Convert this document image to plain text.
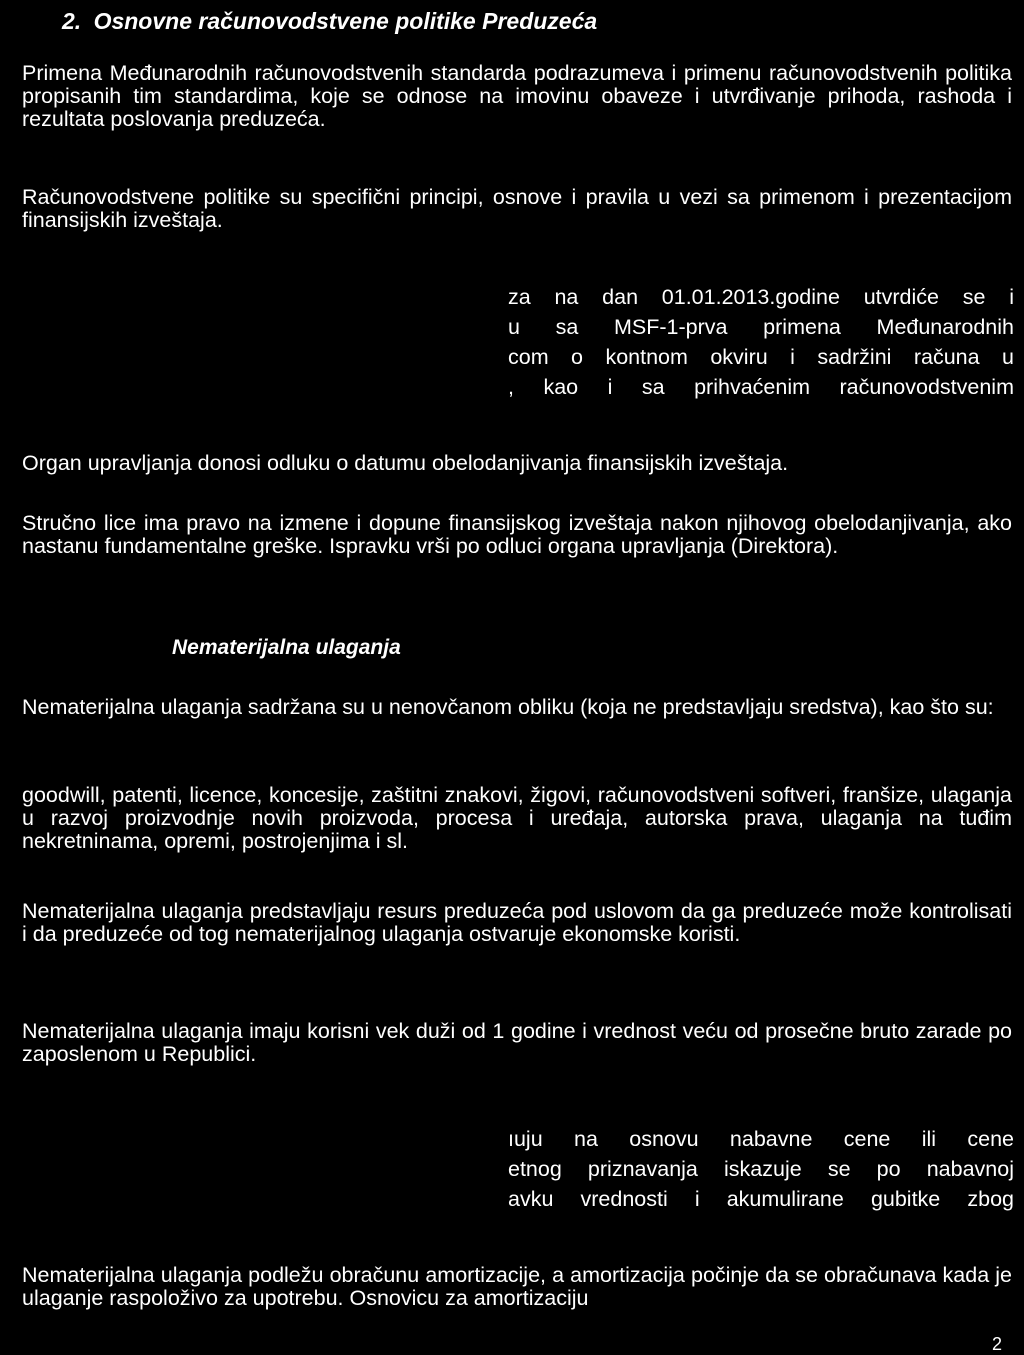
2. Osnovne računovodstvene politike Preduzeća
Primena Međunarodnih računovodstvenih standarda podrazumeva i primenu računovodstvenih politika propisanih tim standardima, koje se odnose na imovinu obaveze i utvrđivanje prihoda, rashoda i rezultata poslovanja preduzeća.
Računovodstvene politike su specifični principi, osnove i pravila u vezi sa primenom i prezentacijom finansijskih izveštaja.
za na dan 01.01.2013.godine utvrdiće se i
u sa MSF-1-prva primena Međunarodnih
com o kontnom okviru i sadržini računa u
, kao i sa prihvaćenim računovodstvenim
Organ upravljanja donosi odluku o datumu obelodanjivanja finansijskih izveštaja.
Stručno lice ima pravo na izmene i dopune finansijskog izveštaja nakon njihovog obelodanjivanja, ako nastanu fundamentalne greške. Ispravku vrši po odluci organa upravljanja (Direktora).
Nematerijalna ulaganja
Nematerijalna ulaganja sadržana su u nenovčanom obliku (koja ne predstavljaju sredstva), kao što su:
goodwill, patenti, licence, koncesije, zaštitni znakovi, žigovi, računovodstveni softveri, franšize, ulaganja u razvoj proizvodnje novih proizvoda, procesa i uređaja, autorska prava, ulaganja na tuđim nekretninama, opremi, postrojenjima i sl.
Nematerijalna ulaganja predstavljaju resurs preduzeća pod uslovom da ga preduzeće može kontrolisati i da preduzeće od tog nematerijalnog ulaganja ostvaruje ekonomske koristi.
Nematerijalna ulaganja imaju korisni vek duži od 1 godine i vrednost veću od prosečne bruto zarade po zaposlenom u Republici.
ıuju na osnovu nabavne cene ili cene
etnog priznavanja iskazuje se po nabavnoj
avku vrednosti i akumulirane gubitke zbog
Nematerijalna ulaganja podležu obračunu amortizacije, a amortizacija počinje da se obračunava kada je ulaganje raspoloživo za upotrebu. Osnovicu za amortizaciju
2
